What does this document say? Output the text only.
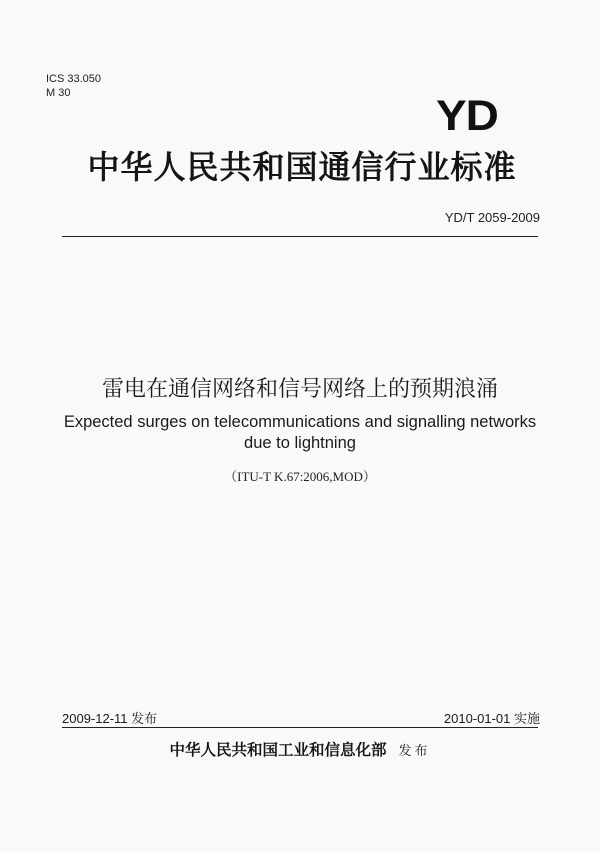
ICS 33.050
M 30	YD
中华人民共和国通信行业标准
YD/T 2059-2009
雷电在通信网络和信号网络上的预期浪涌
Expected surges on telecommunications and signalling networks
due to lightning
（ITU-T K.67:2006,MOD）
2009-12-11 发布	2010-01-01 实施
中华人民共和国工业和信息化部 发布
